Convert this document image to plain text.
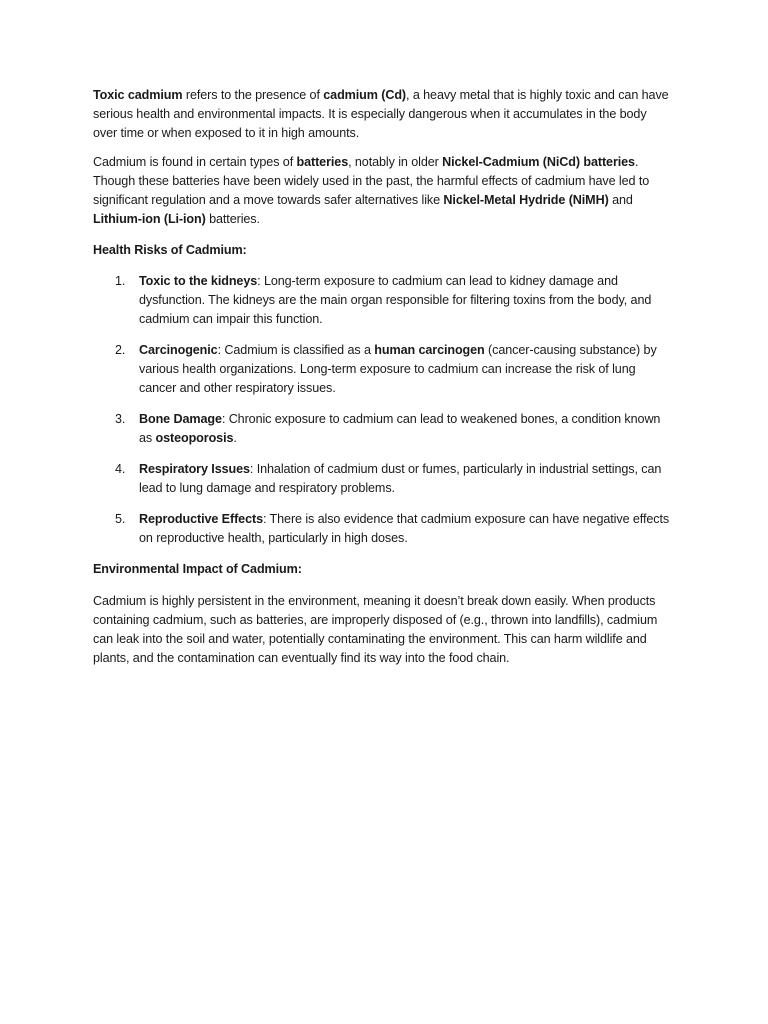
Toxic cadmium refers to the presence of cadmium (Cd), a heavy metal that is highly toxic and can have serious health and environmental impacts. It is especially dangerous when it accumulates in the body over time or when exposed to it in high amounts.

Cadmium is found in certain types of batteries, notably in older Nickel-Cadmium (NiCd) batteries. Though these batteries have been widely used in the past, the harmful effects of cadmium have led to significant regulation and a move towards safer alternatives like Nickel-Metal Hydride (NiMH) and Lithium-ion (Li-ion) batteries.

Health Risks of Cadmium:

1. Toxic to the kidneys: Long-term exposure to cadmium can lead to kidney damage and dysfunction. The kidneys are the main organ responsible for filtering toxins from the body, and cadmium can impair this function.
2. Carcinogenic: Cadmium is classified as a human carcinogen (cancer-causing substance) by various health organizations. Long-term exposure to cadmium can increase the risk of lung cancer and other respiratory issues.
3. Bone Damage: Chronic exposure to cadmium can lead to weakened bones, a condition known as osteoporosis.
4. Respiratory Issues: Inhalation of cadmium dust or fumes, particularly in industrial settings, can lead to lung damage and respiratory problems.
5. Reproductive Effects: There is also evidence that cadmium exposure can have negative effects on reproductive health, particularly in high doses.

Environmental Impact of Cadmium:

Cadmium is highly persistent in the environment, meaning it doesn’t break down easily. When products containing cadmium, such as batteries, are improperly disposed of (e.g., thrown into landfills), cadmium can leak into the soil and water, potentially contaminating the environment. This can harm wildlife and plants, and the contamination can eventually find its way into the food chain.
